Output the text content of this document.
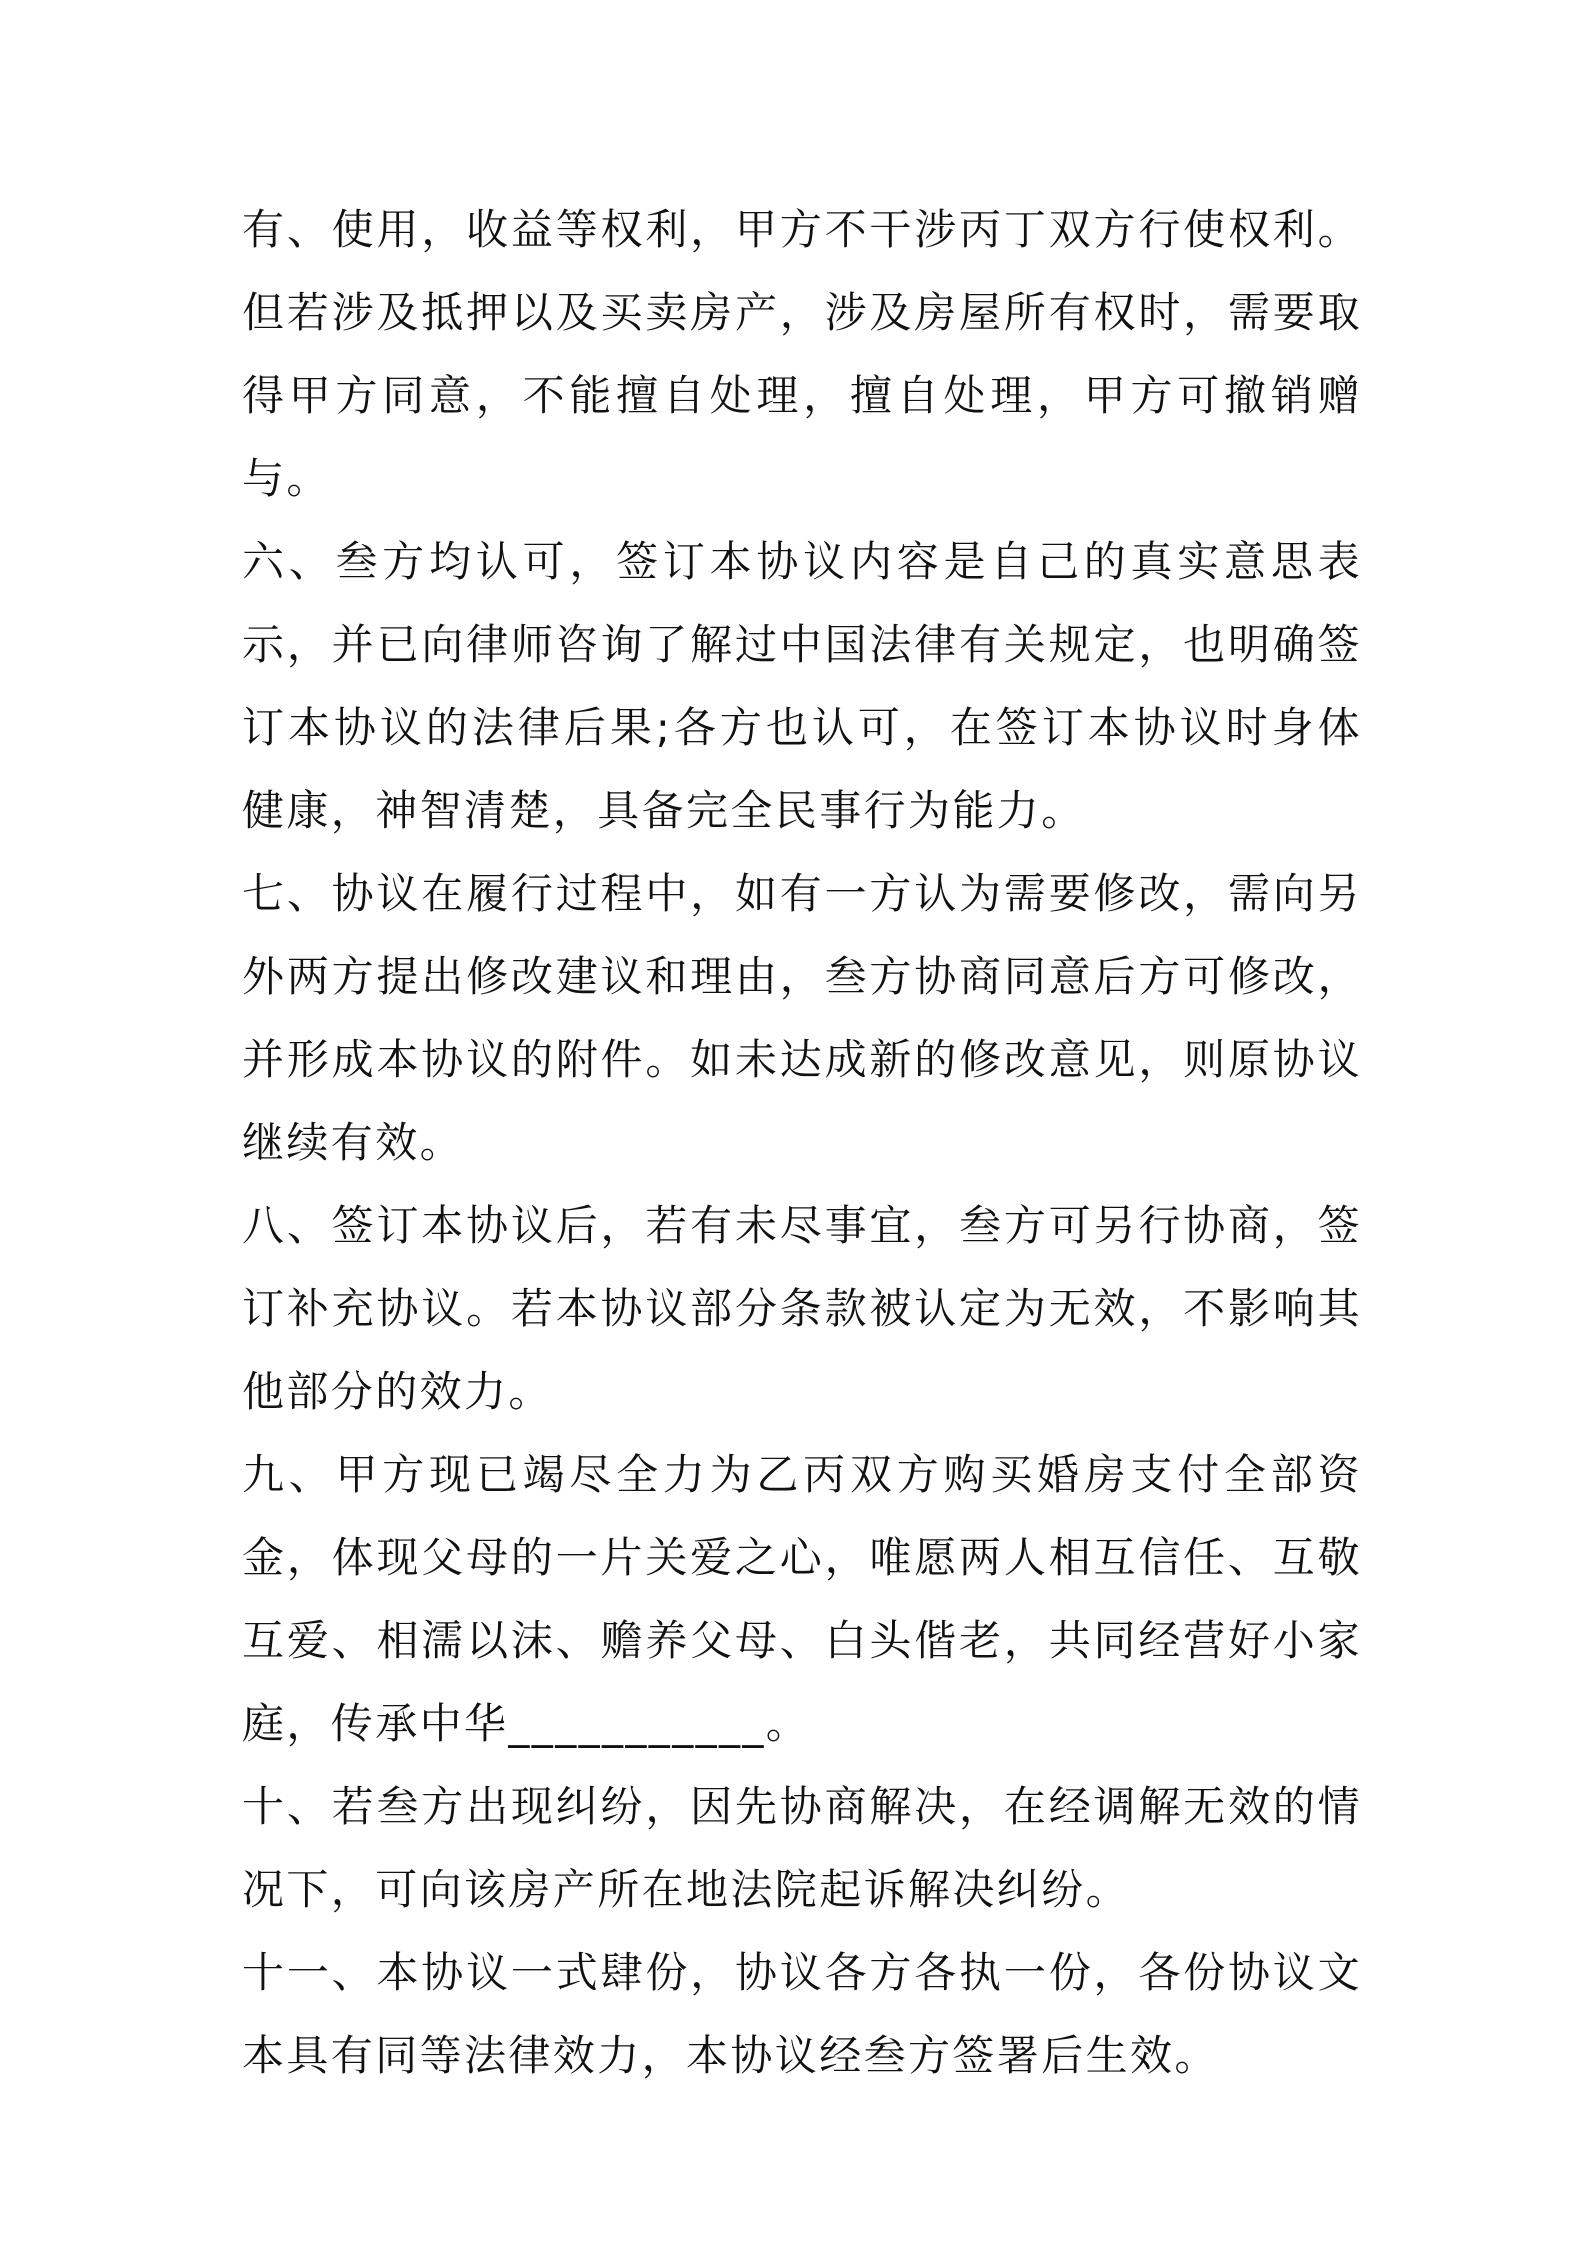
有、使用，收益等权利，甲方不干涉丙丁双方行使权利。但若涉及抵押以及买卖房产，涉及房屋所有权时，需要取得甲方同意，不能擅自处理，擅自处理，甲方可撤销赠与。

六、叁方均认可，签订本协议内容是自己的真实意思表示，并已向律师咨询了解过中国法律有关规定，也明确签订本协议的法律后果;各方也认可，在签订本协议时身体健康，神智清楚，具备完全民事行为能力。

七、协议在履行过程中，如有一方认为需要修改，需向另外两方提出修改建议和理由，叁方协商同意后方可修改，并形成本协议的附件。如未达成新的修改意见，则原协议继续有效。

八、签订本协议后，若有未尽事宜，叁方可另行协商，签订补充协议。若本协议部分条款被认定为无效，不影响其他部分的效力。

九、甲方现已竭尽全力为乙丙双方购买婚房支付全部资金，体现父母的一片关爱之心，唯愿两人相互信任、互敬互爱、相濡以沫、赡养父母、白头偕老，共同经营好小家庭，传承中华___________。

十、若叁方出现纠纷，因先协商解决，在经调解无效的情况下，可向该房产所在地法院起诉解决纠纷。

十一、本协议一式肆份，协议各方各执一份，各份协议文本具有同等法律效力，本协议经叁方签署后生效。
